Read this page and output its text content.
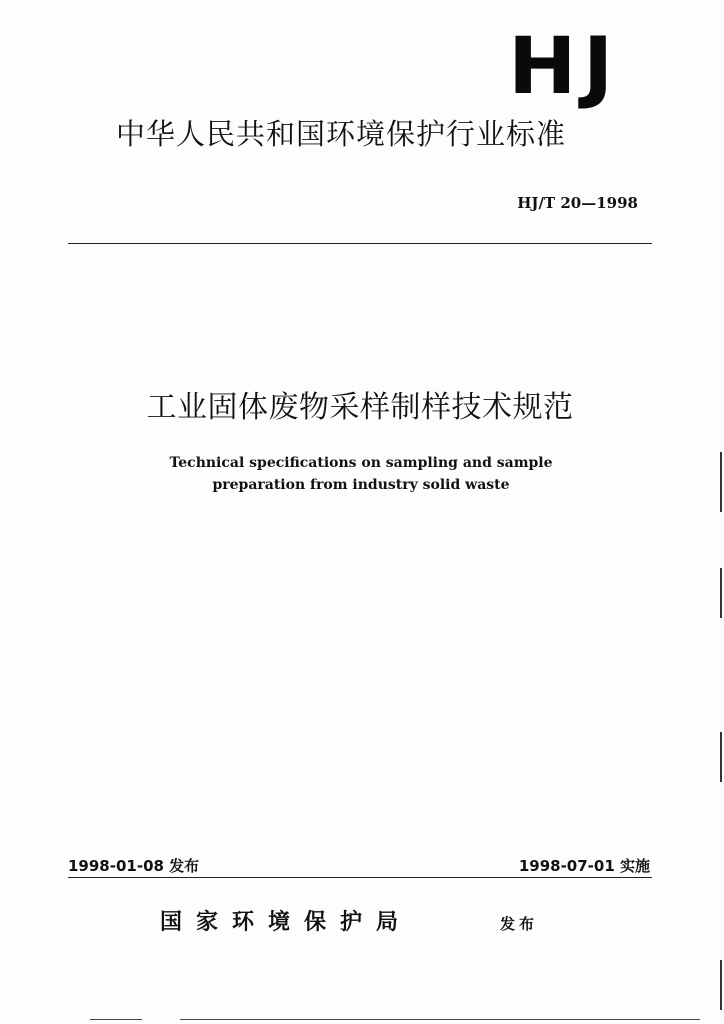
HJ
中华人民共和国环境保护行业标准
HJ/T 20—1998
工业固体废物采样制样技术规范
Technical specifications on sampling and sample
preparation from industry solid waste
1998-01-08 发布	1998-07-01 实施
国家环境保护局	发布
